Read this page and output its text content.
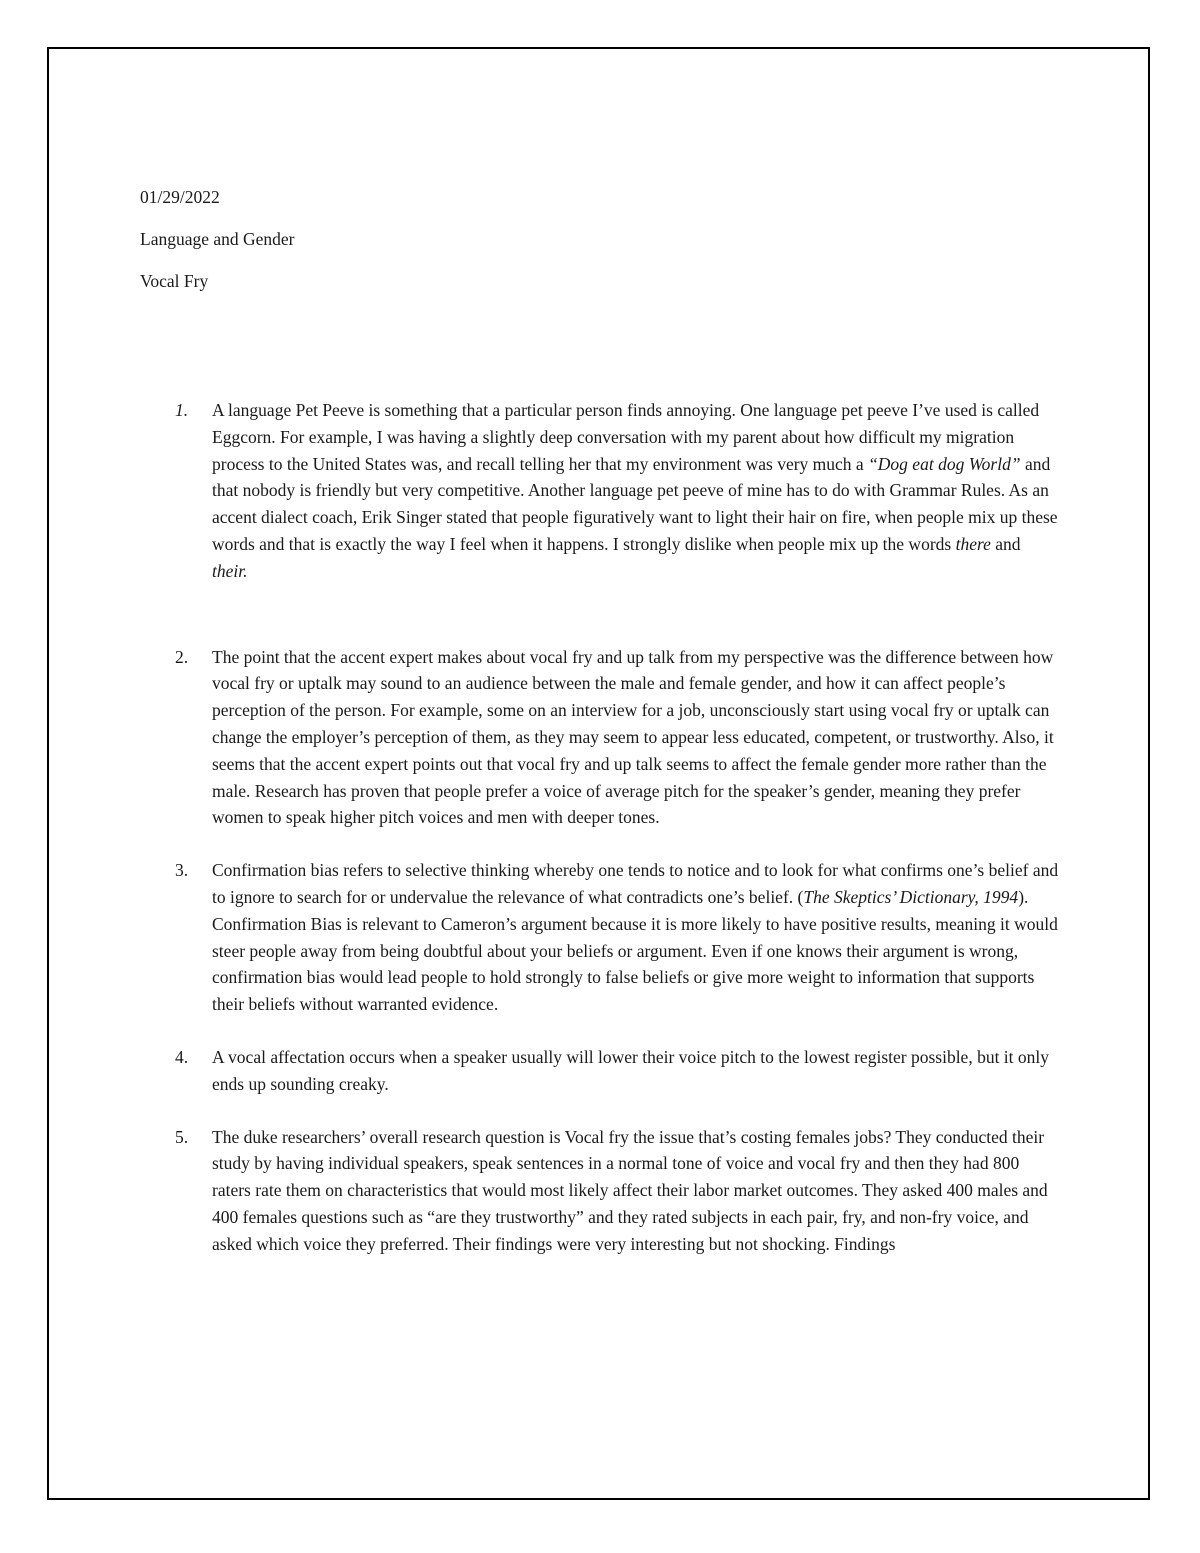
01/29/2022
Language and Gender
Vocal Fry
1. A language Pet Peeve is something that a particular person finds annoying. One language pet peeve I’ve used is called Eggcorn. For example, I was having a slightly deep conversation with my parent about how difficult my migration process to the United States was, and recall telling her that my environment was very much a “Dog eat dog World” and that nobody is friendly but very competitive. Another language pet peeve of mine has to do with Grammar Rules. As an accent dialect coach, Erik Singer stated that people figuratively want to light their hair on fire, when people mix up these words and that is exactly the way I feel when it happens. I strongly dislike when people mix up the words there and their.
2. The point that the accent expert makes about vocal fry and up talk from my perspective was the difference between how vocal fry or uptalk may sound to an audience between the male and female gender, and how it can affect people’s perception of the person. For example, some on an interview for a job, unconsciously start using vocal fry or uptalk can change the employer’s perception of them, as they may seem to appear less educated, competent, or trustworthy. Also, it seems that the accent expert points out that vocal fry and up talk seems to affect the female gender more rather than the male. Research has proven that people prefer a voice of average pitch for the speaker’s gender, meaning they prefer women to speak higher pitch voices and men with deeper tones.
3. Confirmation bias refers to selective thinking whereby one tends to notice and to look for what confirms one’s belief and to ignore to search for or undervalue the relevance of what contradicts one’s belief. (The Skeptics’ Dictionary, 1994). Confirmation Bias is relevant to Cameron’s argument because it is more likely to have positive results, meaning it would steer people away from being doubtful about your beliefs or argument. Even if one knows their argument is wrong, confirmation bias would lead people to hold strongly to false beliefs or give more weight to information that supports their beliefs without warranted evidence.
4. A vocal affectation occurs when a speaker usually will lower their voice pitch to the lowest register possible, but it only ends up sounding creaky.
5. The duke researchers’ overall research question is Vocal fry the issue that’s costing females jobs? They conducted their study by having individual speakers, speak sentences in a normal tone of voice and vocal fry and then they had 800 raters rate them on characteristics that would most likely affect their labor market outcomes. They asked 400 males and 400 females questions such as “are they trustworthy” and they rated subjects in each pair, fry, and non-fry voice, and asked which voice they preferred. Their findings were very interesting but not shocking. Findings
